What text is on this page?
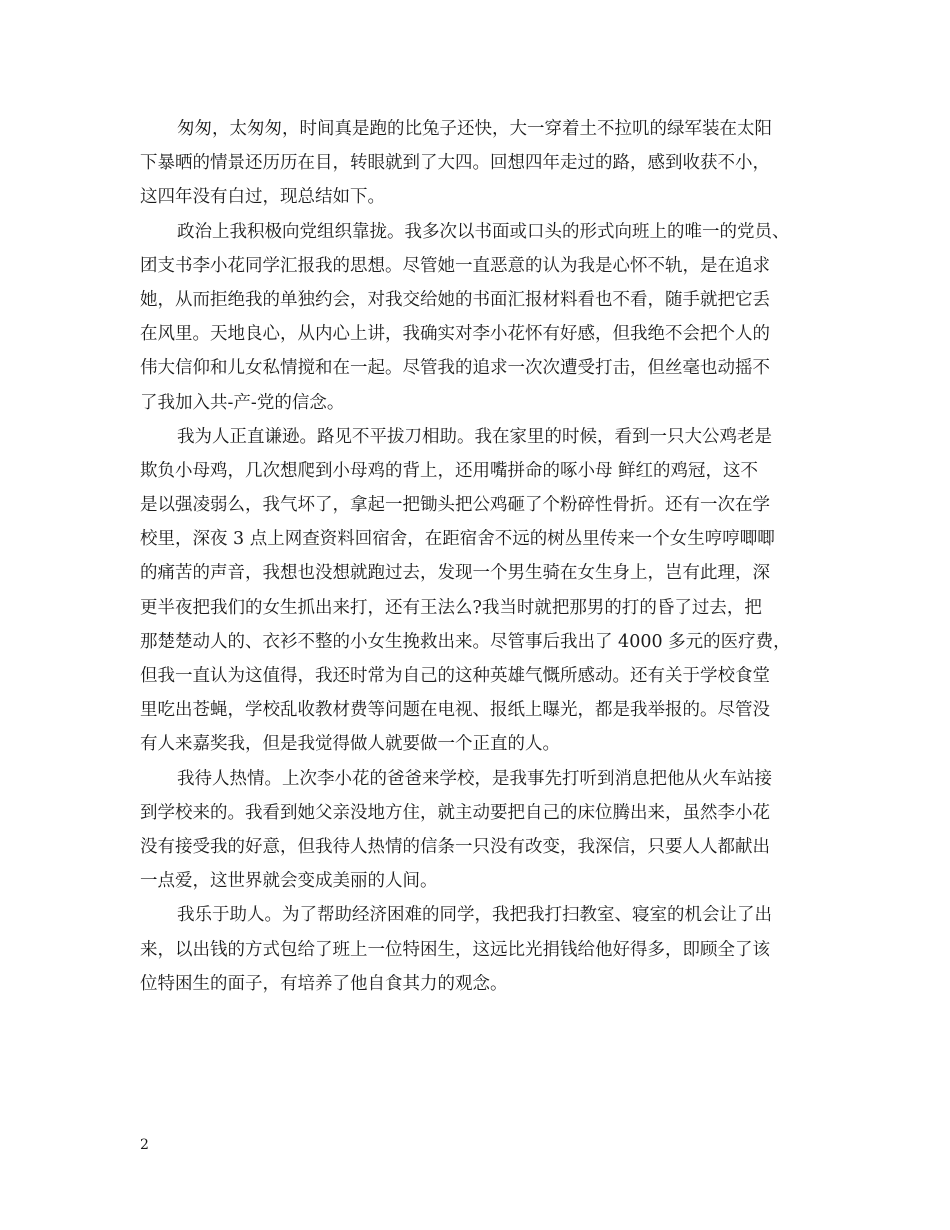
匆匆，太匆匆，时间真是跑的比兔子还快，大一穿着土不拉叽的绿军装在太阳
下暴晒的情景还历历在目，转眼就到了大四。回想四年走过的路，感到收获不小，
这四年没有白过，现总结如下。

政治上我积极向党组织靠拢。我多次以书面或口头的形式向班上的唯一的党员、
团支书李小花同学汇报我的思想。尽管她一直恶意的认为我是心怀不轨，是在追求
她，从而拒绝我的单独约会，对我交给她的书面汇报材料看也不看，随手就把它丢
在风里。天地良心，从内心上讲，我确实对李小花怀有好感，但我绝不会把个人的
伟大信仰和儿女私情搅和在一起。尽管我的追求一次次遭受打击，但丝毫也动摇不
了我加入共-产-党的信念。

我为人正直谦逊。路见不平拔刀相助。我在家里的时候，看到一只大公鸡老是
欺负小母鸡，几次想爬到小母鸡的背上，还用嘴拼命的啄小母 鲜红的鸡冠，这不
是以强凌弱么，我气坏了，拿起一把锄头把公鸡砸了个粉碎性骨折。还有一次在学
校里，深夜 3 点上网查资料回宿舍，在距宿舍不远的树丛里传来一个女生哼哼唧唧
的痛苦的声音，我想也没想就跑过去，发现一个男生骑在女生身上，岂有此理，深
更半夜把我们的女生抓出来打，还有王法么?我当时就把那男的打的昏了过去，把
那楚楚动人的、衣衫不整的小女生挽救出来。尽管事后我出了 4000 多元的医疗费，
但我一直认为这值得，我还时常为自己的这种英雄气慨所感动。还有关于学校食堂
里吃出苍蝇，学校乱收教材费等问题在电视、报纸上曝光，都是我举报的。尽管没
有人来嘉奖我，但是我觉得做人就要做一个正直的人。

我待人热情。上次李小花的爸爸来学校，是我事先打听到消息把他从火车站接
到学校来的。我看到她父亲没地方住，就主动要把自己的床位腾出来，虽然李小花
没有接受我的好意，但我待人热情的信条一只没有改变，我深信，只要人人都献出
一点爱，这世界就会变成美丽的人间。

我乐于助人。为了帮助经济困难的同学，我把我打扫教室、寝室的机会让了出
来，以出钱的方式包给了班上一位特困生，这远比光捐钱给他好得多，即顾全了该
位特困生的面子，有培养了他自食其力的观念。

2
